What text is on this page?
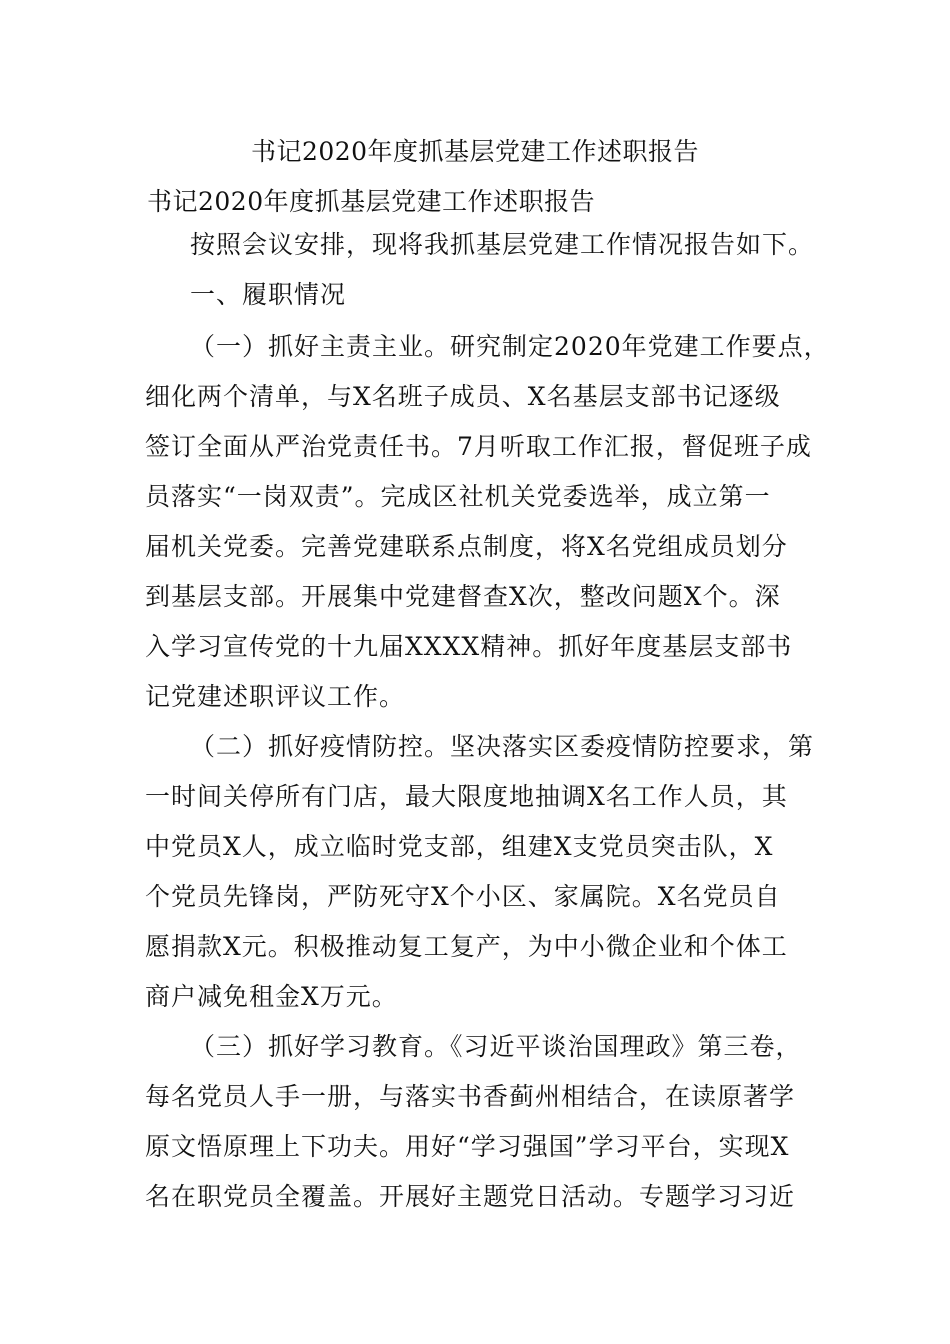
书记2020年度抓基层党建工作述职报告
书记2020年度抓基层党建工作述职报告
按照会议安排，现将我抓基层党建工作情况报告如下。
一、履职情况
（一）抓好主责主业。研究制定2020年党建工作要点，
细化两个清单，与X名班子成员、X名基层支部书记逐级
签订全面从严治党责任书。7月听取工作汇报，督促班子成
员落实“一岗双责”。完成区社机关党委选举，成立第一
届机关党委。完善党建联系点制度，将X名党组成员划分
到基层支部。开展集中党建督查X次，整改问题X个。深
入学习宣传党的十九届XXXX精神。抓好年度基层支部书
记党建述职评议工作。
（二）抓好疫情防控。坚决落实区委疫情防控要求，第
一时间关停所有门店，最大限度地抽调X名工作人员，其
中党员X人，成立临时党支部，组建X支党员突击队，X
个党员先锋岗，严防死守X个小区、家属院。X名党员自
愿捐款X元。积极推动复工复产，为中小微企业和个体工
商户减免租金X万元。
（三）抓好学习教育。《习近平谈治国理政》第三卷，
每名党员人手一册，与落实书香蓟州相结合，在读原著学
原文悟原理上下功夫。用好“学习强国”学习平台，实现X
名在职党员全覆盖。开展好主题党日活动。专题学习习近
